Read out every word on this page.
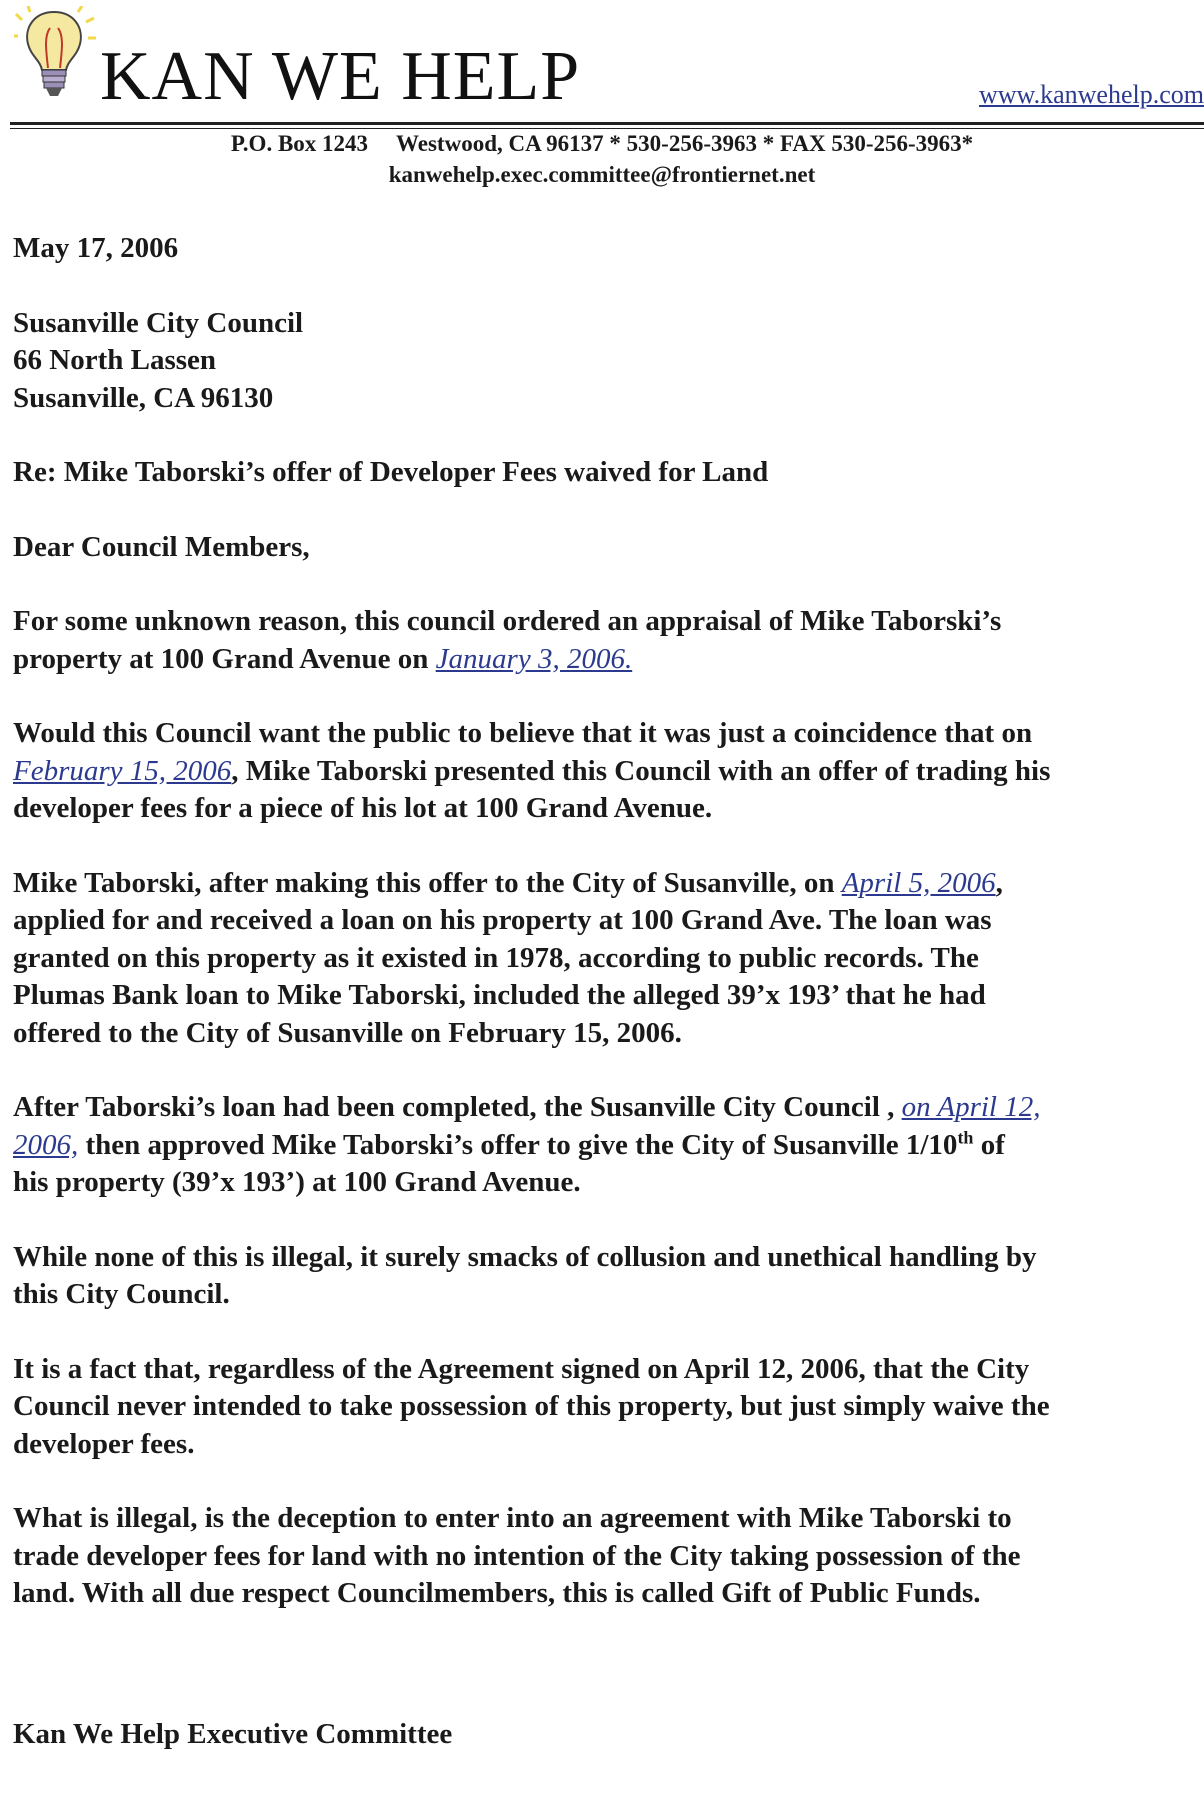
KAN WE HELP	www.kanwehelp.com
P.O. Box 1243 Westwood, CA 96137 * 530-256-3963 * FAX 530-256-3963*
kanwehelp.exec.committee@frontiernet.net

May 17, 2006

Susanville City Council

66 North Lassen

Susanville, CA 96130

Re: Mike Taborski’s offer of Developer Fees waived for Land

Dear Council Members,

For some unknown reason, this council ordered an appraisal of Mike Taborski’s

property at 100 Grand Avenue on January 3, 2006.

Would this Council want the public to believe that it was just a coincidence that on

February 15, 2006, Mike Taborski presented this Council with an offer of trading his

developer fees for a piece of his lot at 100 Grand Avenue.

Mike Taborski, after making this offer to the City of Susanville, on April 5, 2006,

applied for and received a loan on his property at 100 Grand Ave. The loan was

granted on this property as it existed in 1978, according to public records. The

Plumas Bank loan to Mike Taborski, included the alleged 39’x 193’ that he had

offered to the City of Susanville on February 15, 2006.

After Taborski’s loan had been completed, the Susanville City Council , on April 12,

2006, then approved Mike Taborski’s offer to give the City of Susanville 1/10th of

his property (39’x 193’) at 100 Grand Avenue.

While none of this is illegal, it surely smacks of collusion and unethical handling by

this City Council.

It is a fact that, regardless of the Agreement signed on April 12, 2006, that the City

Council never intended to take possession of this property, but just simply waive the

developer fees.

What is illegal, is the deception to enter into an agreement with Mike Taborski to

trade developer fees for land with no intention of the City taking possession of the

land. With all due respect Councilmembers, this is called Gift of Public Funds.

Kan We Help Executive Committee
